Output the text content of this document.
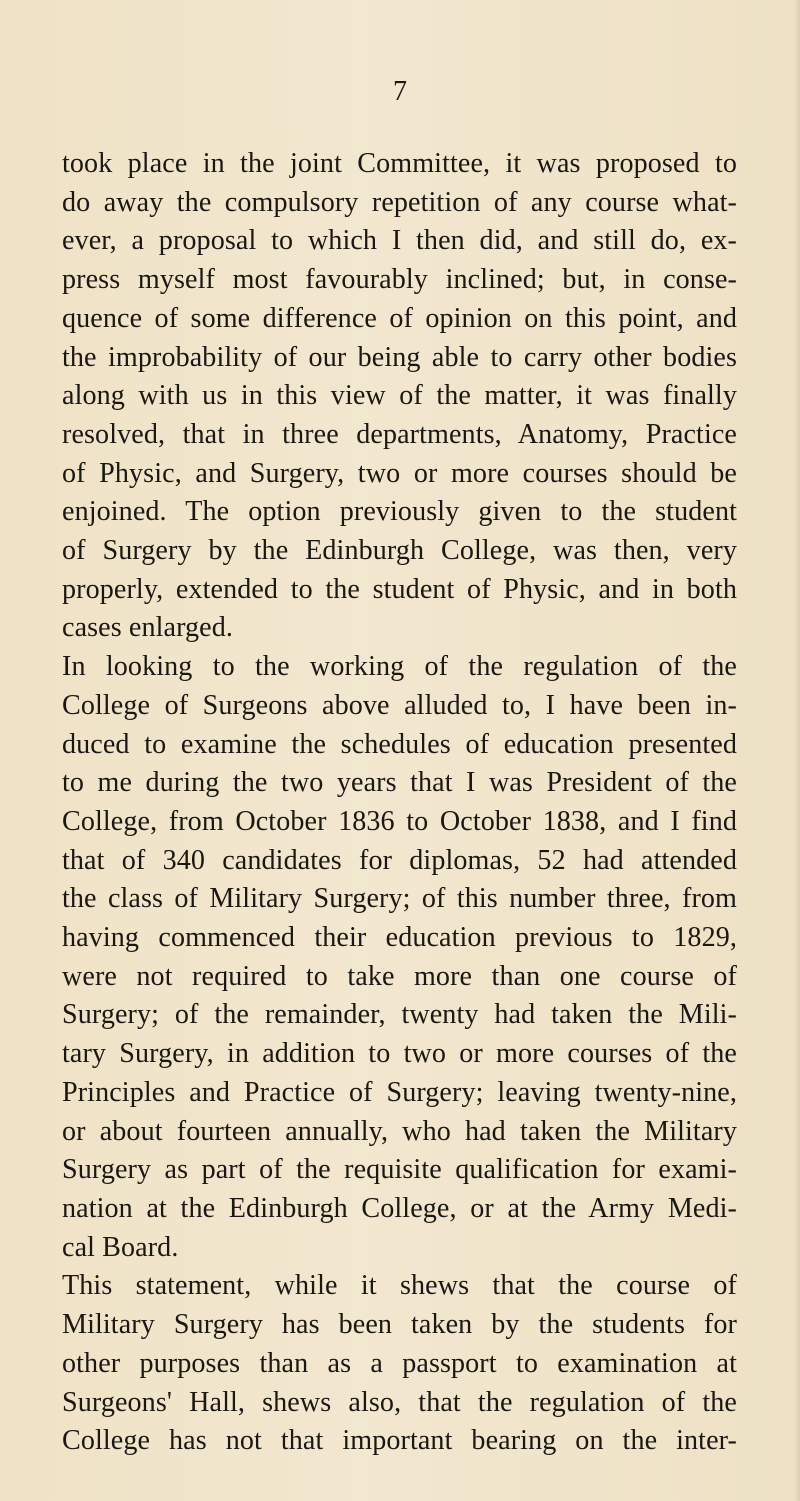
7
took place in the joint Committee, it was proposed to
do away the compulsory repetition of any course what-
ever, a proposal to which I then did, and still do, ex-
press myself most favourably inclined; but, in conse-
quence of some difference of opinion on this point, and
the improbability of our being able to carry other bodies
along with us in this view of the matter, it was finally
resolved, that in three departments, Anatomy, Practice
of Physic, and Surgery, two or more courses should be
enjoined. The option previously given to the student
of Surgery by the Edinburgh College, was then, very
properly, extended to the student of Physic, and in both
cases enlarged.
In looking to the working of the regulation of the
College of Surgeons above alluded to, I have been in-
duced to examine the schedules of education presented
to me during the two years that I was President of the
College, from October 1836 to October 1838, and I find
that of 340 candidates for diplomas, 52 had attended
the class of Military Surgery; of this number three, from
having commenced their education previous to 1829,
were not required to take more than one course of
Surgery; of the remainder, twenty had taken the Mili-
tary Surgery, in addition to two or more courses of the
Principles and Practice of Surgery; leaving twenty-nine,
or about fourteen annually, who had taken the Military
Surgery as part of the requisite qualification for exami-
nation at the Edinburgh College, or at the Army Medi-
cal Board.
This statement, while it shews that the course of
Military Surgery has been taken by the students for
other purposes than as a passport to examination at
Surgeons' Hall, shews also, that the regulation of the
College has not that important bearing on the inter-
